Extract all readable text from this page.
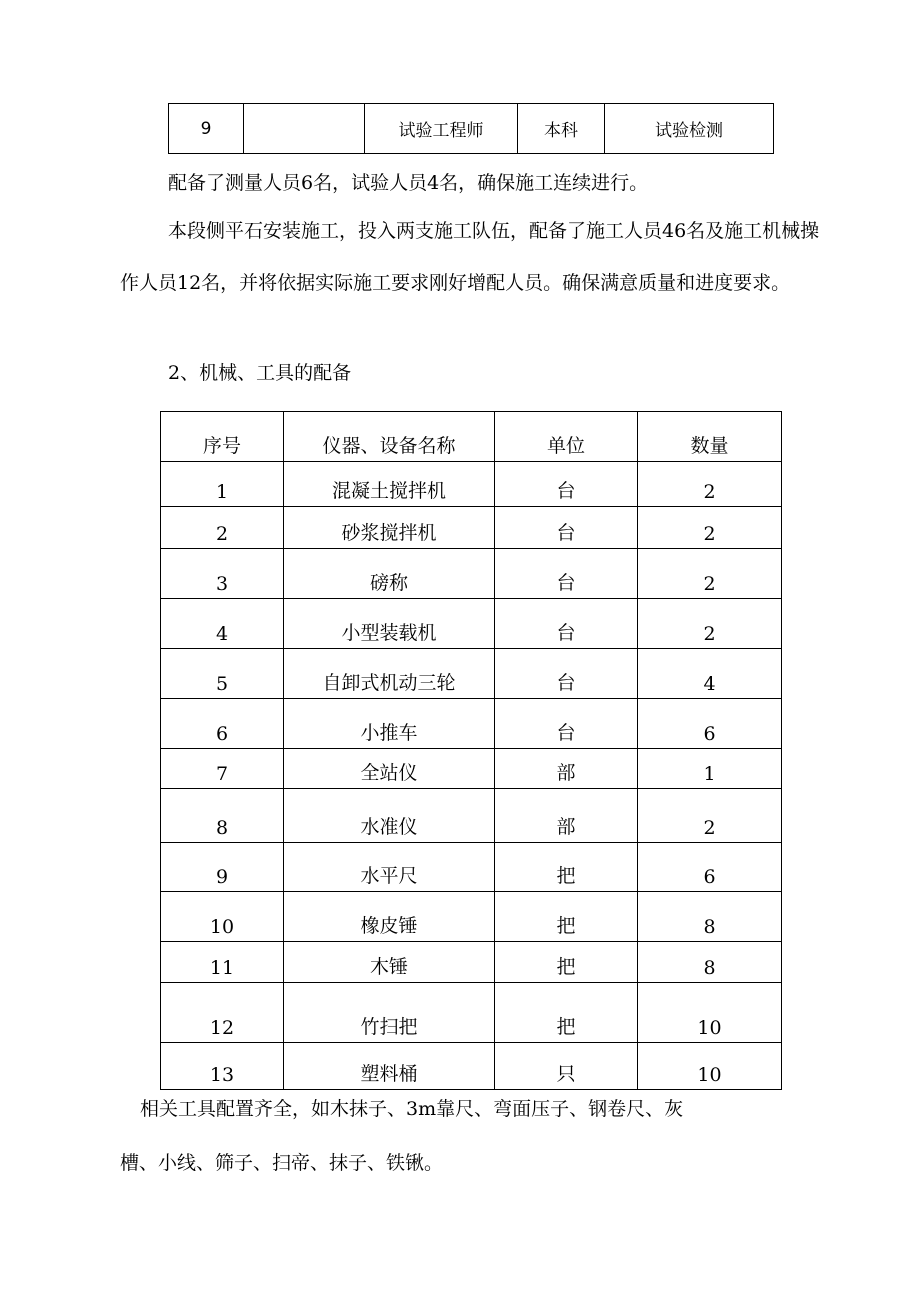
9		试验工程师	本科	试验检测

配备了测量人员6名，试验人员4名，确保施工连续进行。

本段侧平石安装施工，投入两支施工队伍，配备了施工人员46名及施工机械操作人员12名，并将依据实际施工要求刚好增配人员。确保满意质量和进度要求。

2、机械、工具的配备

序号	仪器、设备名称	单位	数量
1	混凝土搅拌机	台	2
2	砂浆搅拌机	台	2
3	磅称	台	2
4	小型装载机	台	2
5	自卸式机动三轮	台	4
6	小推车	台	6
7	全站仪	部	1
8	水准仪	部	2
9	水平尺	把	6
10	橡皮锤	把	8
11	木锤	把	8
12	竹扫把	把	10
13	塑料桶	只	10

相关工具配置齐全，如木抹子、3m靠尺、弯面压子、钢卷尺、灰

槽、小线、筛子、扫帝、抹子、铁锹。
